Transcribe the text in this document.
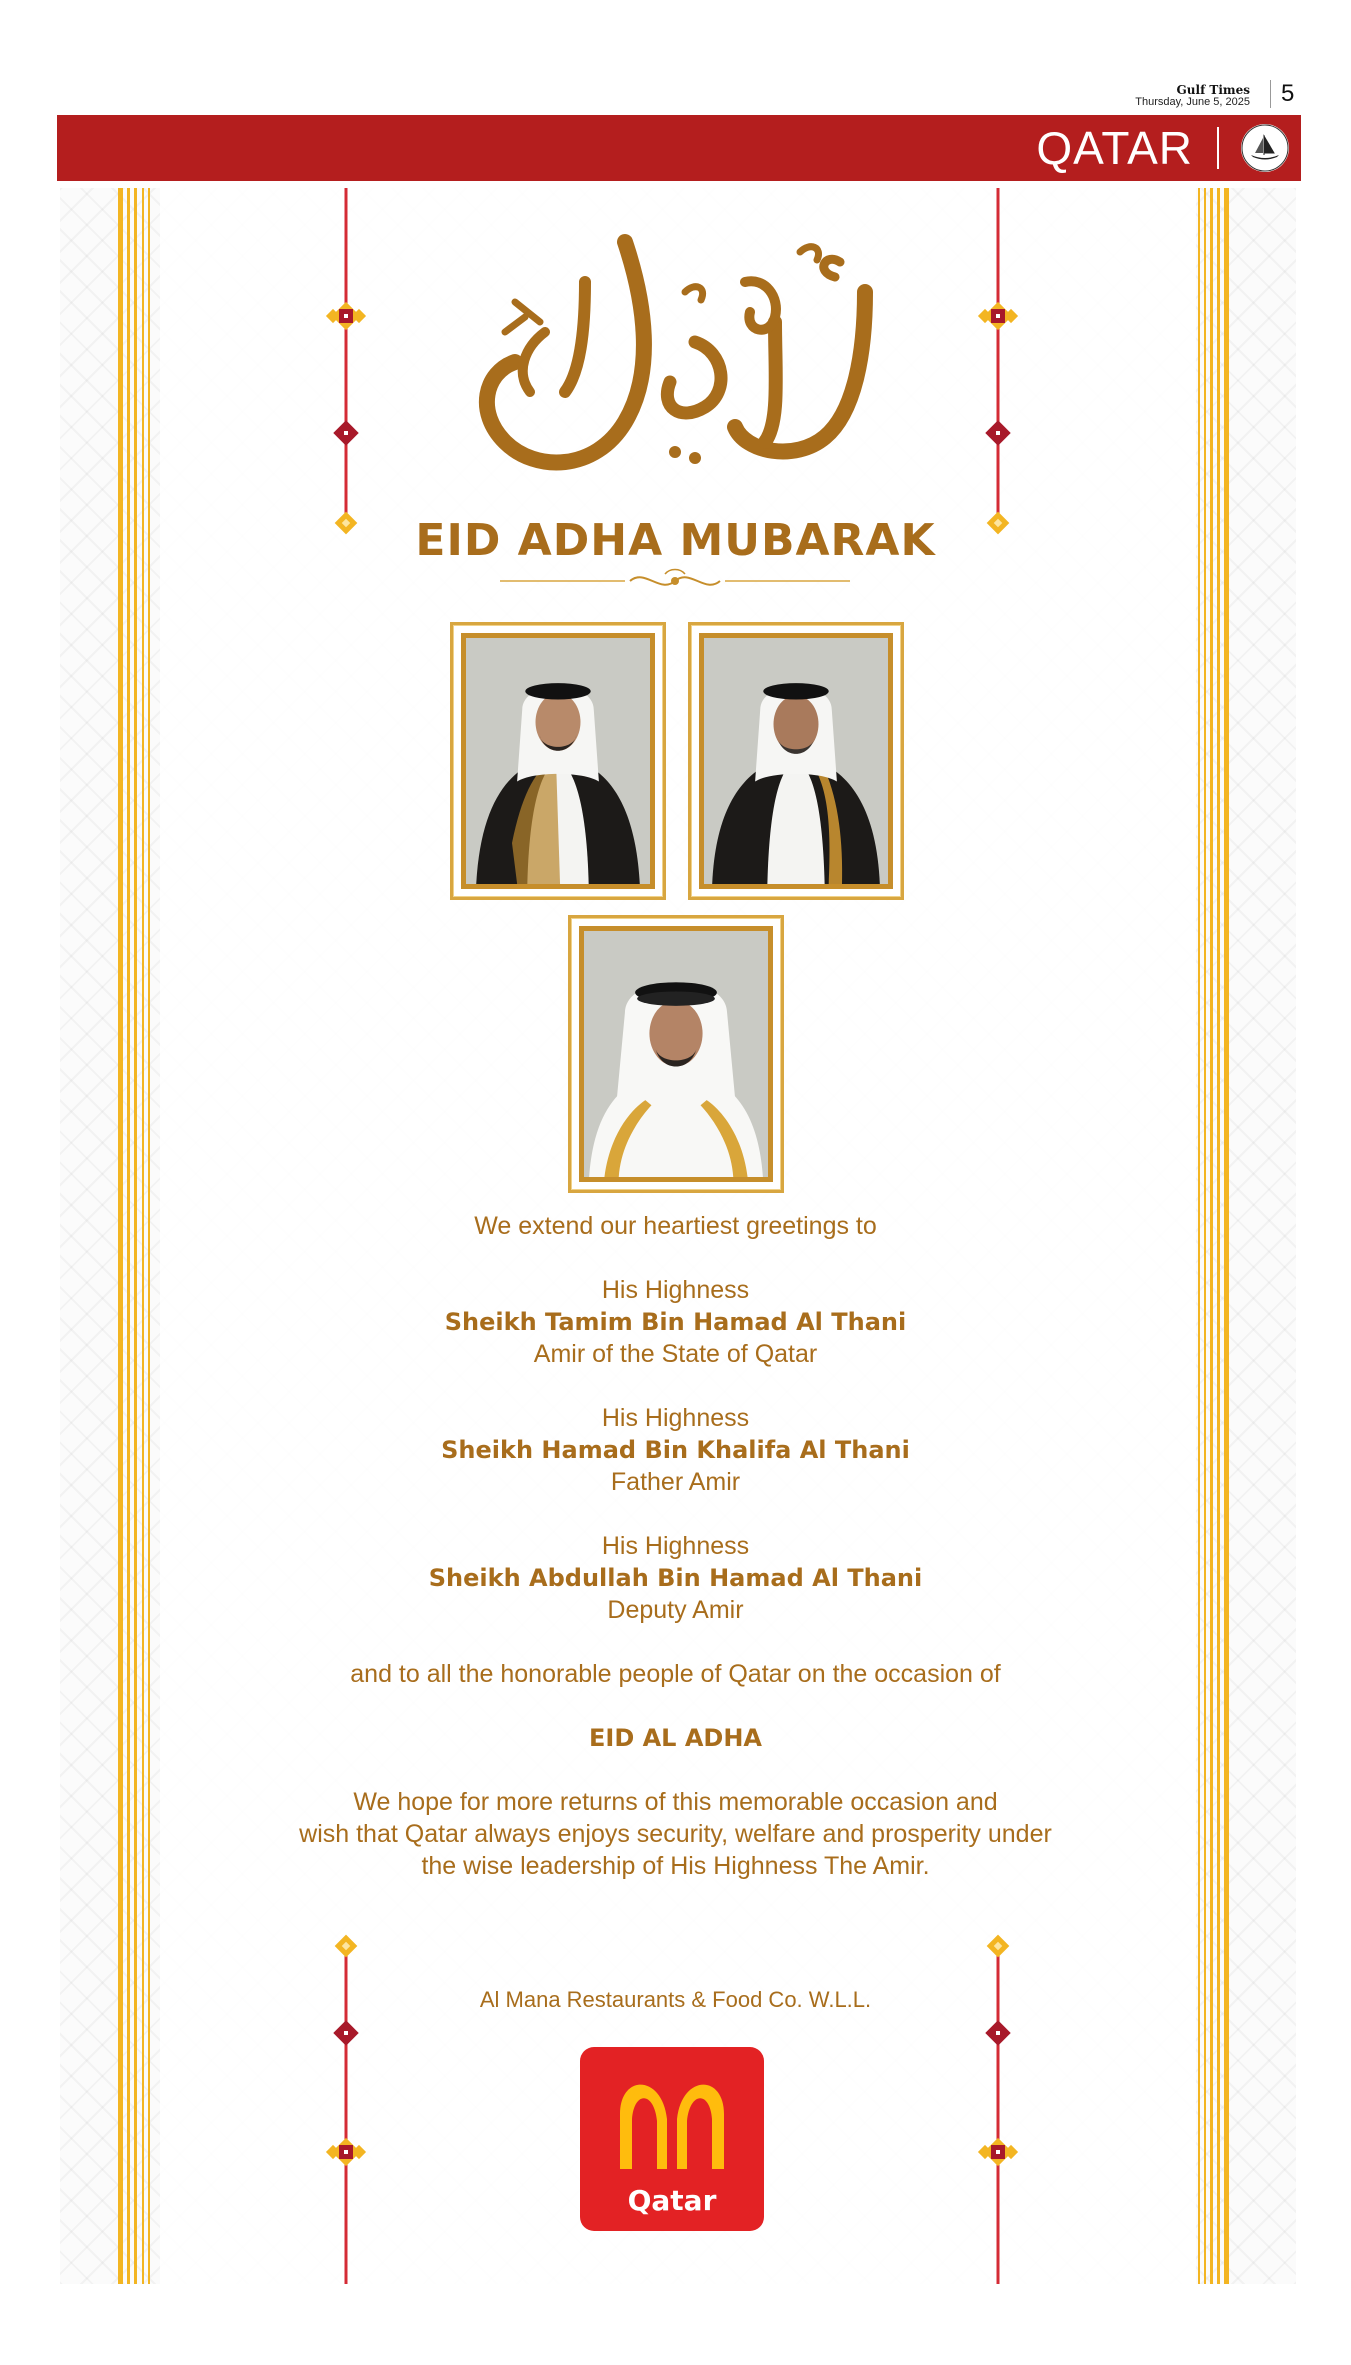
Gulf Times
Thursday, June 5, 2025	5
QATAR
EID ADHA MUBARAK

We extend our heartiest greetings to

His Highness

Sheikh Tamim Bin Hamad Al Thani

Amir of the State of Qatar

His Highness

Sheikh Hamad Bin Khalifa Al Thani

Father Amir

His Highness

Sheikh Abdullah Bin Hamad Al Thani

Deputy Amir

and to all the honorable people of Qatar on the occasion of

EID AL ADHA

We hope for more returns of this memorable occasion and

wish that Qatar always enjoys security, welfare and prosperity under

the wise leadership of His Highness The Amir.

Al Mana Restaurants & Food Co. W.L.L.
Qatar
